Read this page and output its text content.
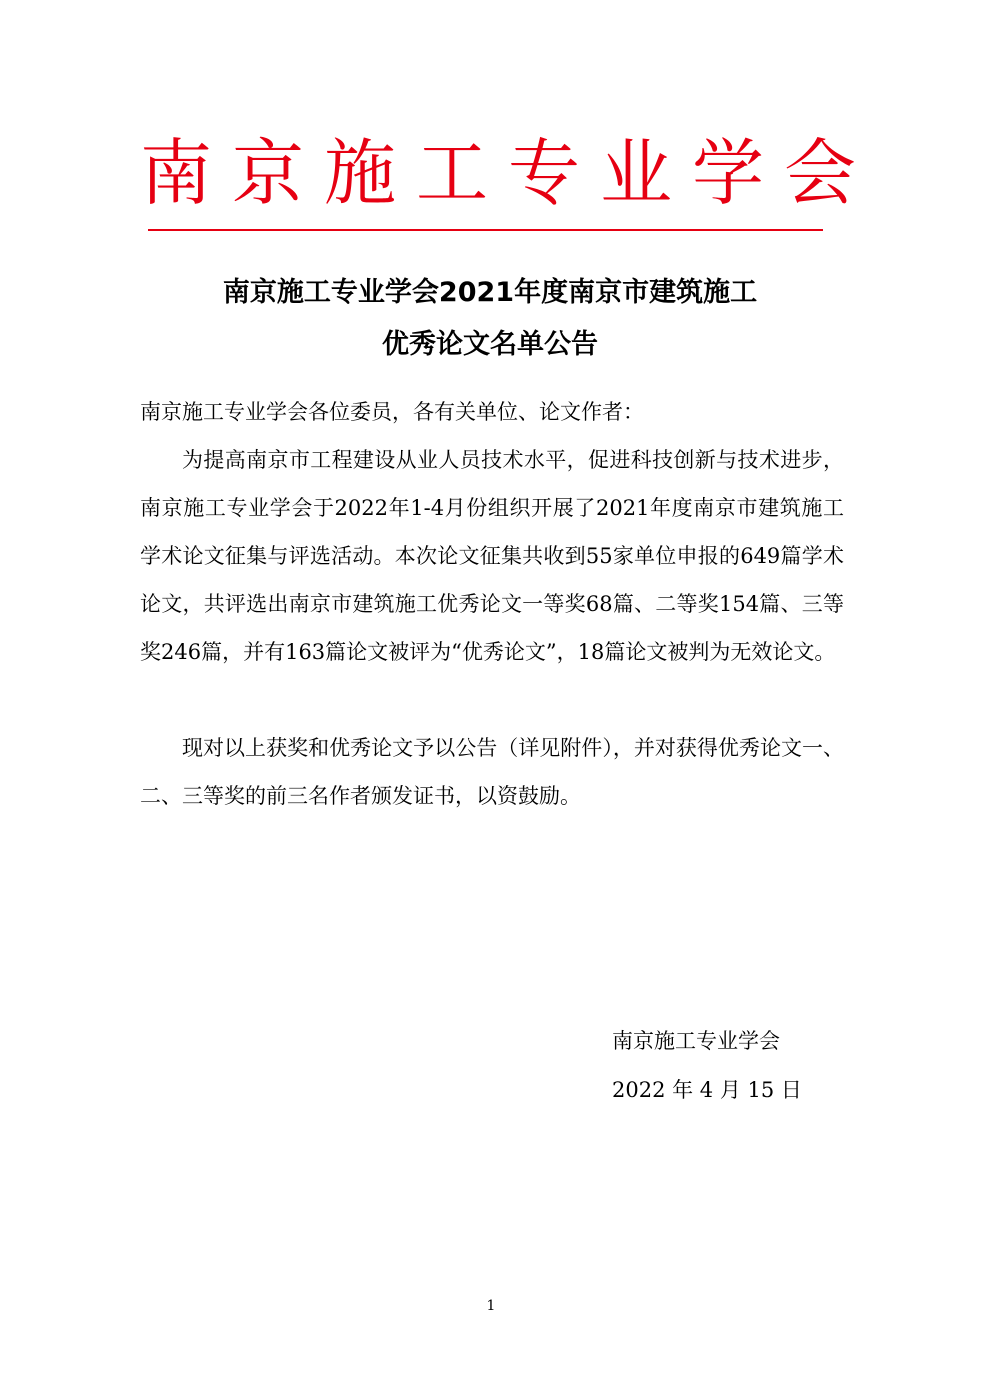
南京施工专业学会
南京施工专业学会2021年度南京市建筑施工
优秀论文名单公告
南京施工专业学会各位委员，各有关单位、论文作者：
为提高南京市工程建设从业人员技术水平，促进科技创新与技术进步，南京施工专业学会于2022年1-4月份组织开展了2021年度南京市建筑施工学术论文征集与评选活动。本次论文征集共收到55家单位申报的649篇学术论文，共评选出南京市建筑施工优秀论文一等奖68篇、二等奖154篇、三等奖246篇，并有163篇论文被评为“优秀论文”，18篇论文被判为无效论文。
现对以上获奖和优秀论文予以公告（详见附件），并对获得优秀论文一、二、三等奖的前三名作者颁发证书，以资鼓励。
南京施工专业学会
2022 年 4 月 15 日
1
